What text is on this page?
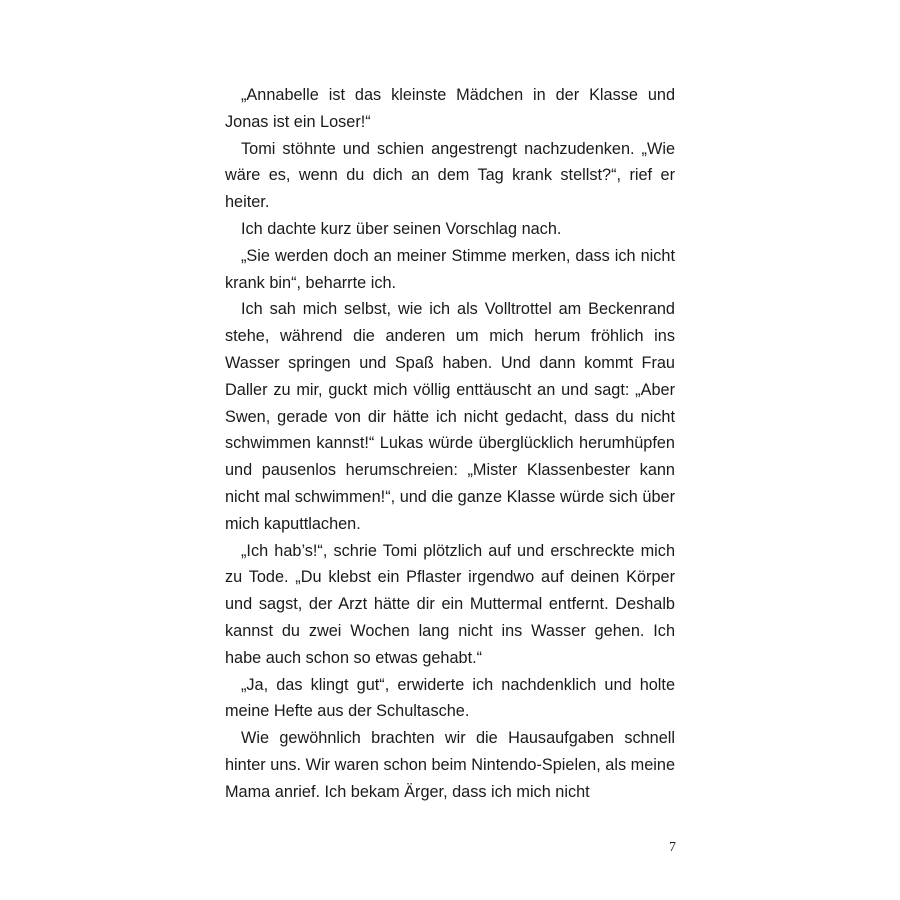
„Annabelle ist das kleinste Mädchen in der Klasse und Jonas ist ein Loser!“

Tomi stöhnte und schien angestrengt nachzudenken. „Wie wäre es, wenn du dich an dem Tag krank stellst?“, rief er heiter.

Ich dachte kurz über seinen Vorschlag nach.

„Sie werden doch an meiner Stimme merken, dass ich nicht krank bin“, beharrte ich.

Ich sah mich selbst, wie ich als Volltrottel am Beckenrand stehe, während die anderen um mich herum fröhlich ins Wasser springen und Spaß haben. Und dann kommt Frau Daller zu mir, guckt mich völlig enttäuscht an und sagt: „Aber Swen, gerade von dir hätte ich nicht gedacht, dass du nicht schwimmen kannst!“ Lukas würde überglücklich herumhüpfen und pausenlos herumschreien: „Mister Klassenbester kann nicht mal schwimmen!“, und die ganze Klasse würde sich über mich kaputtlachen.

„Ich hab’s!“, schrie Tomi plötzlich auf und erschreckte mich zu Tode. „Du klebst ein Pflaster irgendwo auf deinen Körper und sagst, der Arzt hätte dir ein Muttermal entfernt. Deshalb kannst du zwei Wochen lang nicht ins Wasser gehen. Ich habe auch schon so etwas gehabt.“

„Ja, das klingt gut“, erwiderte ich nachdenklich und holte meine Hefte aus der Schultasche.

Wie gewöhnlich brachten wir die Hausaufgaben schnell hinter uns. Wir waren schon beim Nintendo-Spielen, als meine Mama anrief. Ich bekam Ärger, dass ich mich nicht

7
